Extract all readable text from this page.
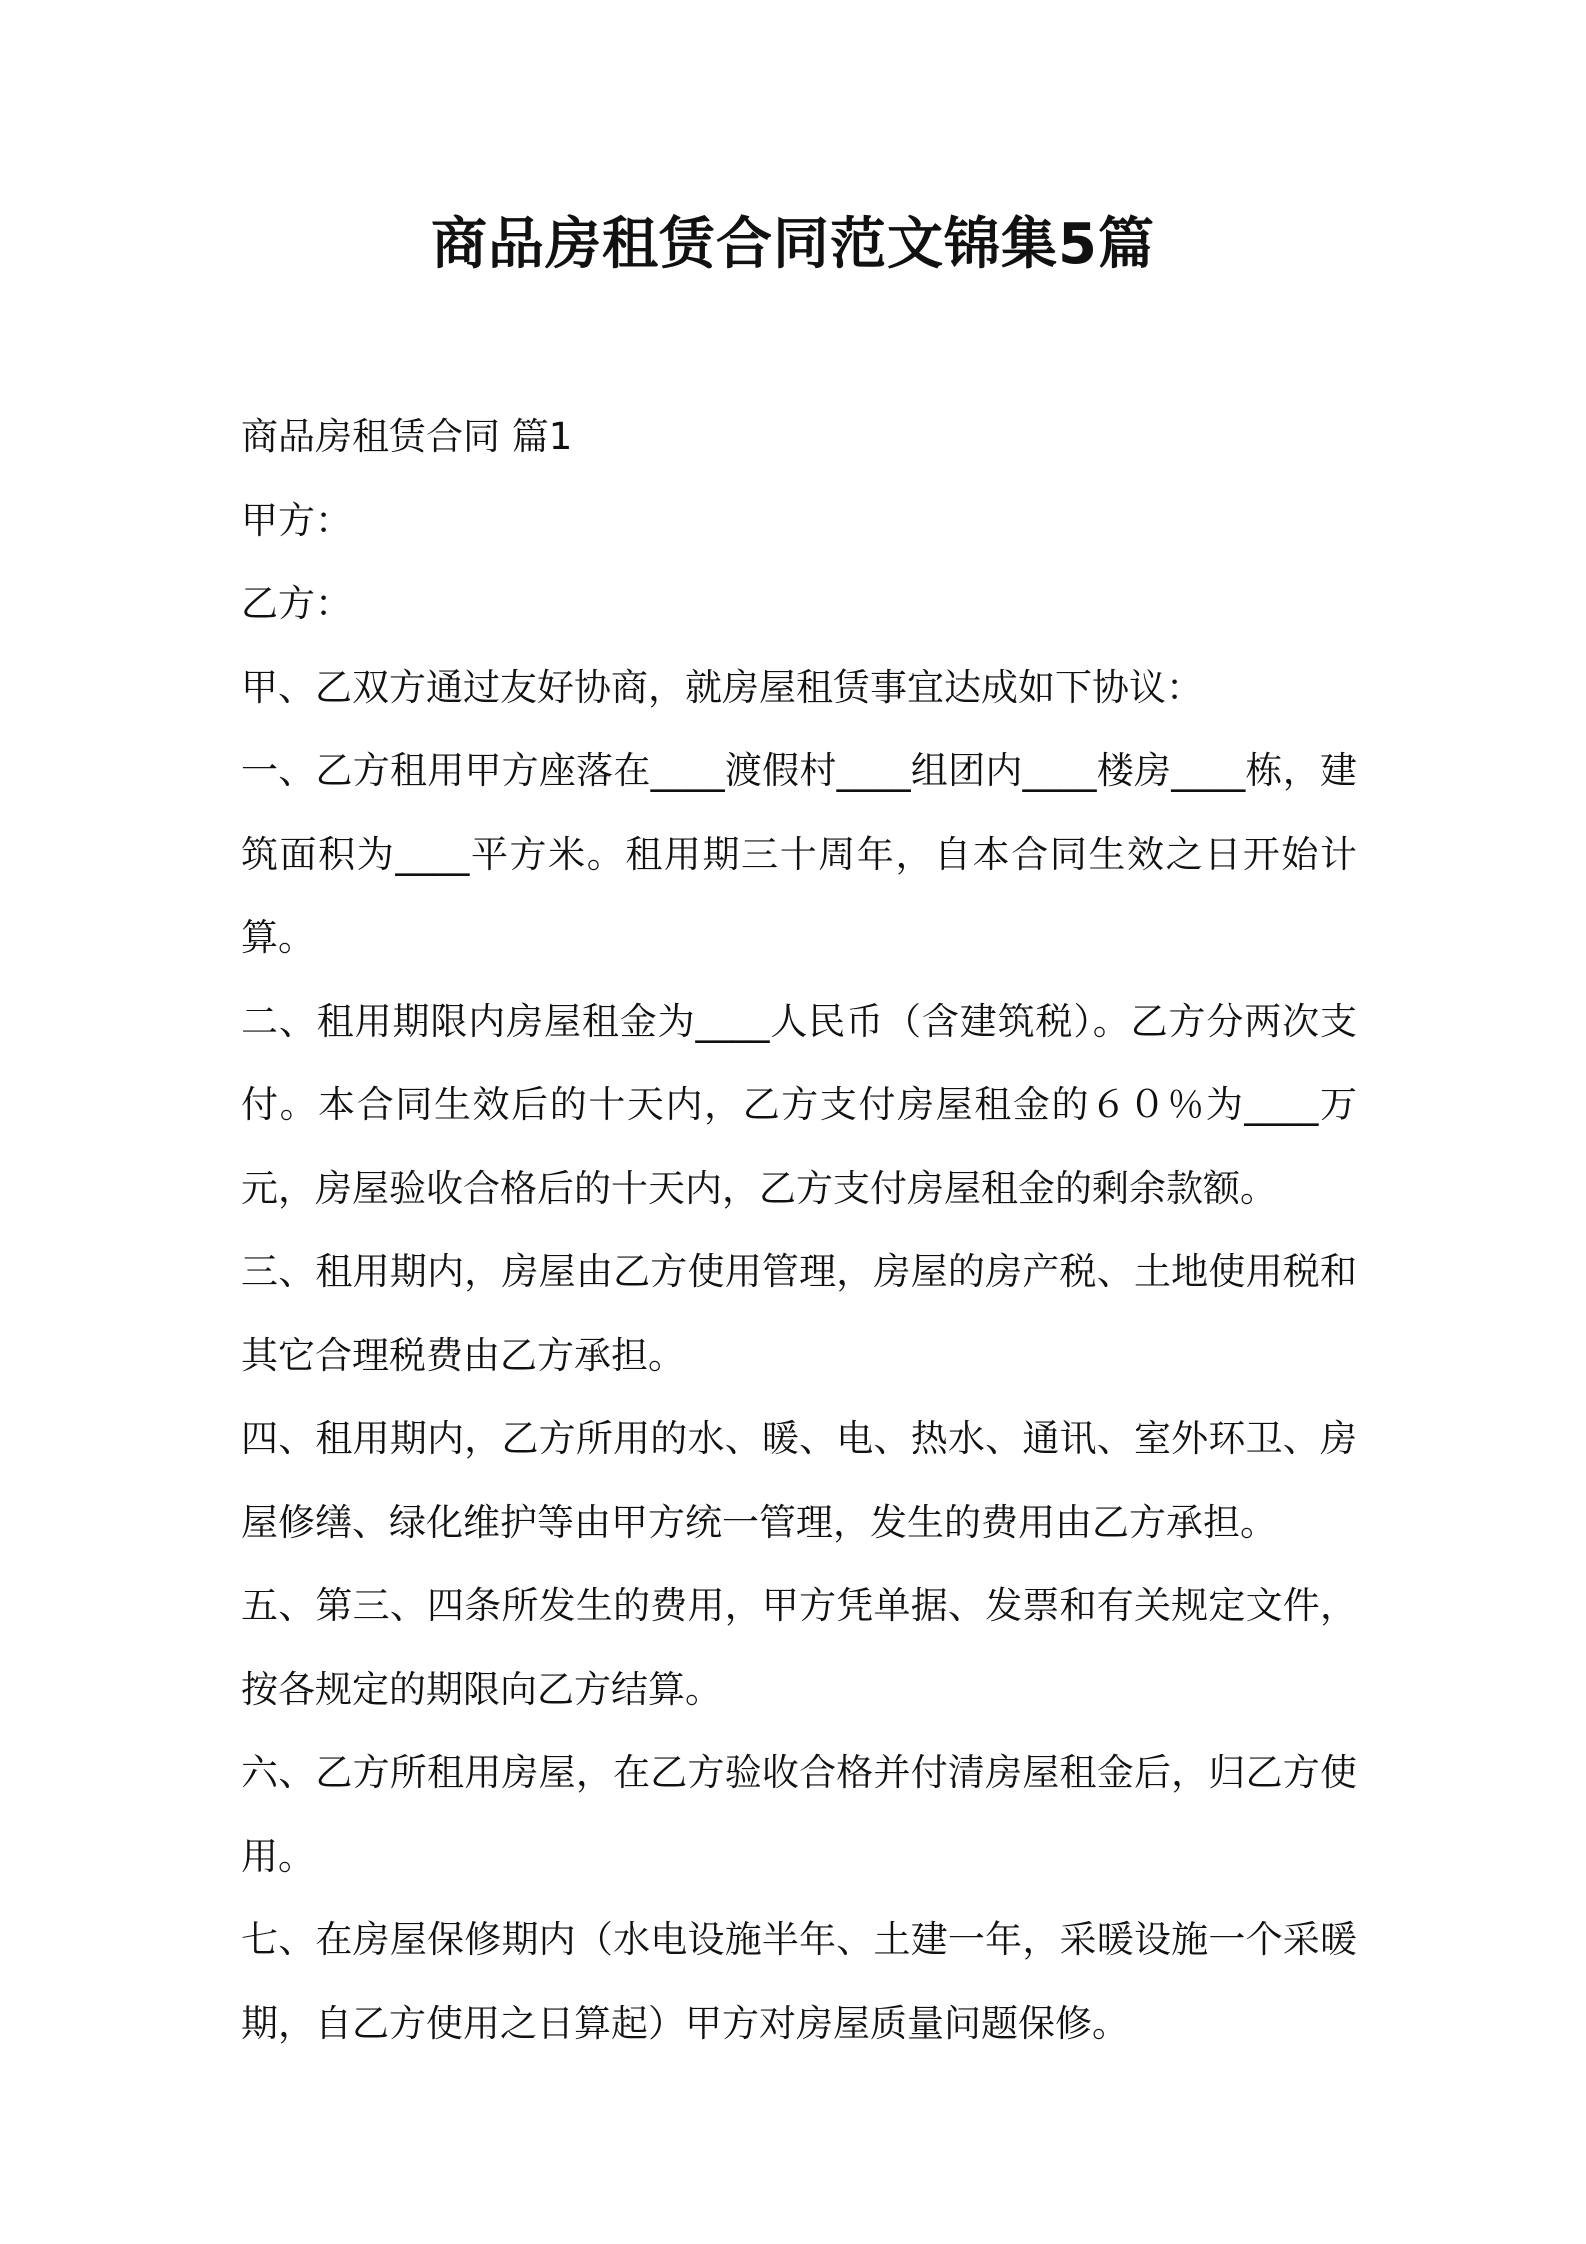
商品房租赁合同范文锦集5篇

商品房租赁合同 篇1

甲方：

乙方：

甲、乙双方通过友好协商，就房屋租赁事宜达成如下协议：

一、乙方租用甲方座落在____渡假村____组团内____楼房____栋，建筑面积为____平方米。租用期三十周年，自本合同生效之日开始计算。

二、租用期限内房屋租金为____人民币（含建筑税）。乙方分两次支付。本合同生效后的十天内，乙方支付房屋租金的６０％为____万元，房屋验收合格后的十天内，乙方支付房屋租金的剩余款额。

三、租用期内，房屋由乙方使用管理，房屋的房产税、土地使用税和其它合理税费由乙方承担。

四、租用期内，乙方所用的水、暖、电、热水、通讯、室外环卫、房屋修缮、绿化维护等由甲方统一管理，发生的费用由乙方承担。

五、第三、四条所发生的费用，甲方凭单据、发票和有关规定文件，按各规定的期限向乙方结算。

六、乙方所租用房屋，在乙方验收合格并付清房屋租金后，归乙方使用。

七、在房屋保修期内（水电设施半年、土建一年，采暖设施一个采暖期，自乙方使用之日算起）甲方对房屋质量问题保修。
